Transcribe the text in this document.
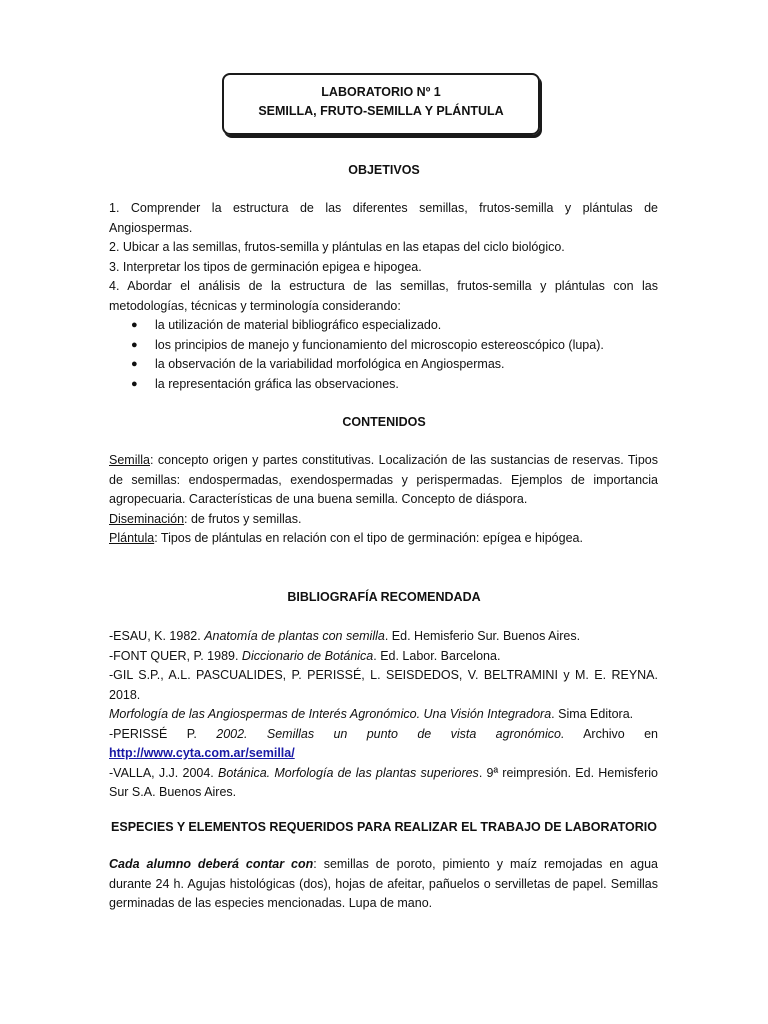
LABORATORIO Nº 1
SEMILLA, FRUTO-SEMILLA Y PLÁNTULA
OBJETIVOS
1. Comprender la estructura de las diferentes semillas, frutos-semilla y plántulas de
Angiospermas.
2. Ubicar a las semillas, frutos-semilla y plántulas en las etapas del ciclo biológico.
3. Interpretar los tipos de germinación epigea e hipogea.
4. Abordar el análisis de la estructura de las semillas, frutos-semilla y plántulas con las
metodologías, técnicas y terminología considerando:
● la utilización de material bibliográfico especializado.
● los principios de manejo y funcionamiento del microscopio estereoscópico (lupa).
● la observación de la variabilidad morfológica en Angiospermas.
● la representación gráfica las observaciones.
CONTENIDOS
Semilla: concepto origen y partes constitutivas. Localización de las sustancias de reservas. Tipos
de semillas: endospermadas, exendospermadas y perispermadas. Ejemplos de importancia
agropecuaria. Características de una buena semilla. Concepto de diáspora.
Diseminación: de frutos y semillas.
Plántula: Tipos de plántulas en relación con el tipo de germinación: epígea e hipógea.
BIBLIOGRAFÍA RECOMENDADA
-ESAU, K. 1982. Anatomía de plantas con semilla. Ed. Hemisferio Sur. Buenos Aires.
-FONT QUER, P. 1989. Diccionario de Botánica. Ed. Labor. Barcelona.
-GIL S.P., A.L. PASCUALIDES, P. PERISSÉ, L. SEISDEDOS, V. BELTRAMINI y M. E. REYNA. 2018.
Morfología de las Angiospermas de Interés Agronómico. Una Visión Integradora. Sima Editora.
-PERISSÉ P. 2002. Semillas un punto de vista agronómico. Archivo en
http://www.cyta.com.ar/semilla/
-VALLA, J.J. 2004. Botánica. Morfología de las plantas superiores. 9ª reimpresión. Ed. Hemisferio
Sur S.A. Buenos Aires.
ESPECIES Y ELEMENTOS REQUERIDOS PARA REALIZAR EL TRABAJO DE LABORATORIO
Cada alumno deberá contar con: semillas de poroto, pimiento y maíz remojadas en agua
durante 24 h. Agujas histológicas (dos), hojas de afeitar, pañuelos o servilletas de papel. Semillas
germinadas de las especies mencionadas. Lupa de mano.
